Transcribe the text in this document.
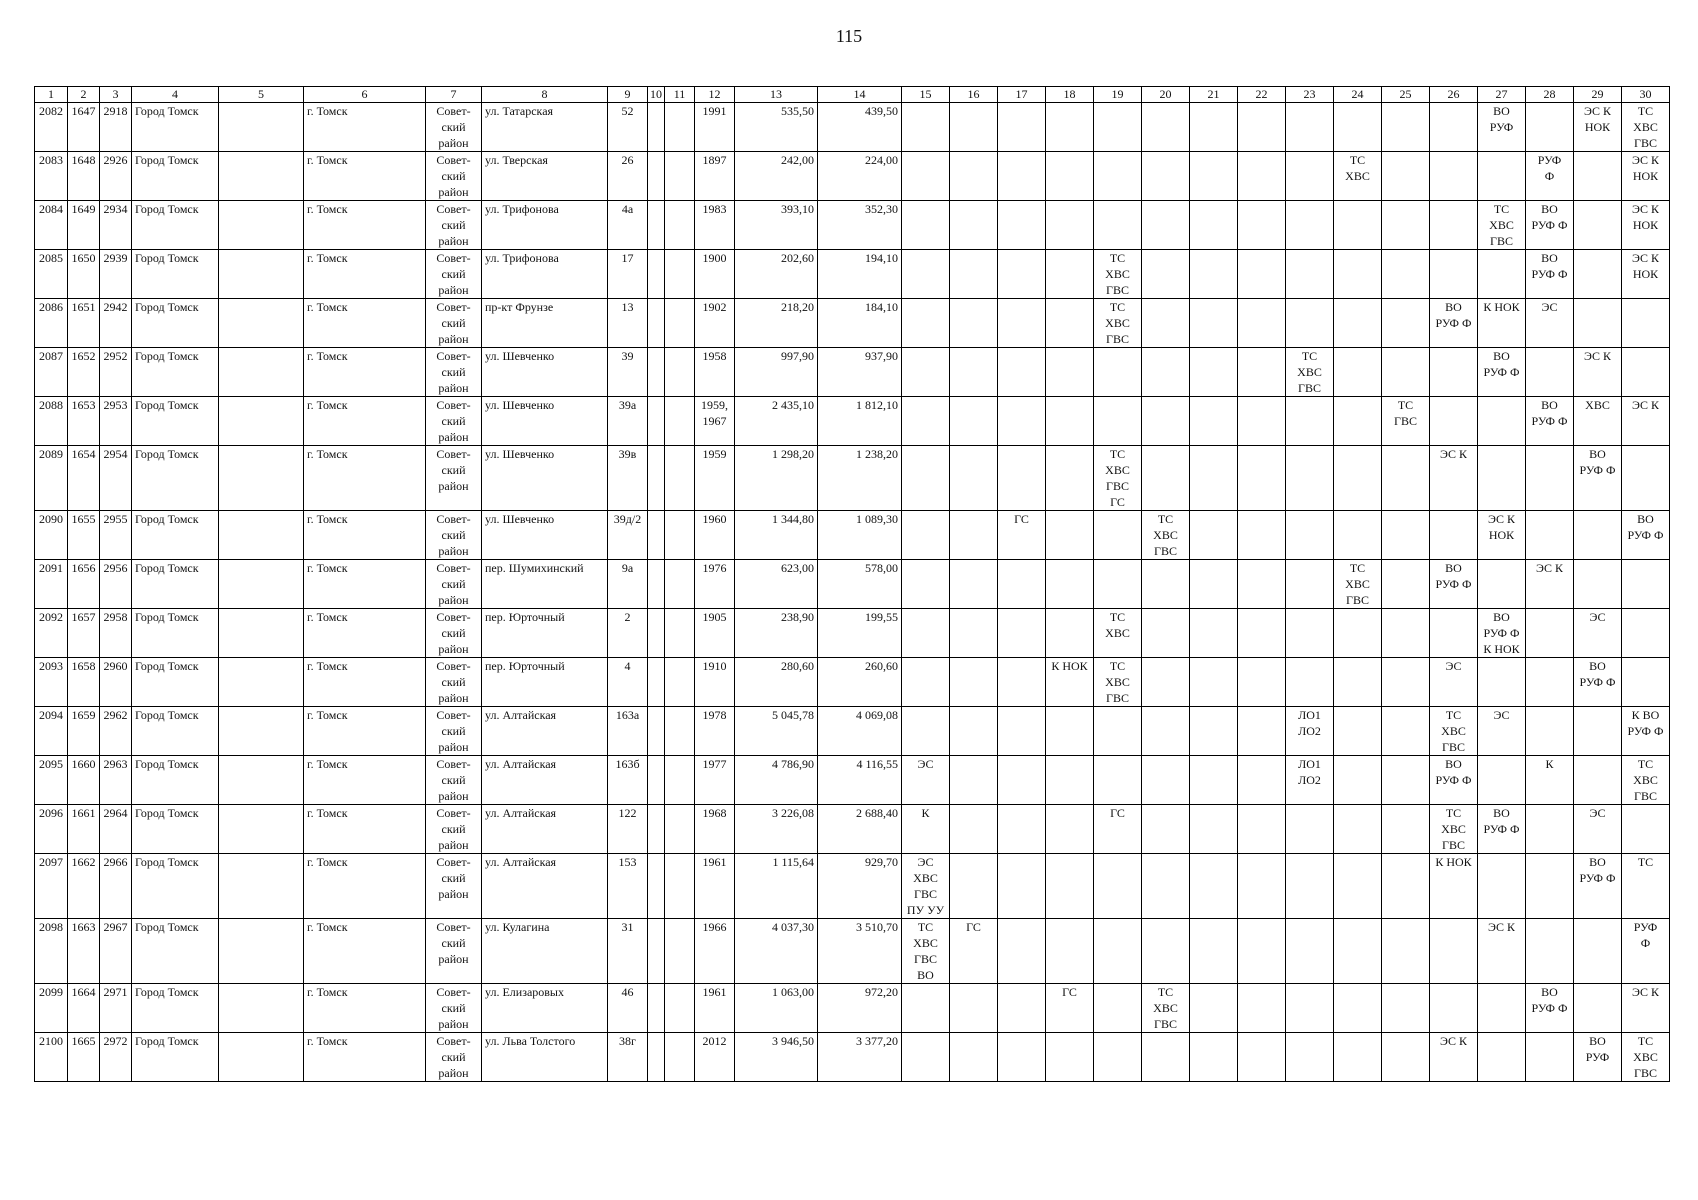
115
1	2	3	4	5	6	7	8	9	10	11	12	13	14	15	16	17	18	19	20	21	22	23	24	25	26	27	28	29	30
2082	1647	2918	Город Томск		г. Томск	Совет-
ский
район	ул. Татарская	52			1991	535,50	439,50													ВО
РУФ		ЭС К
НОК	ТС
ХВС
ГВС
2083	1648	2926	Город Томск		г. Томск	Совет-
ский
район	ул. Тверская	26			1897	242,00	224,00										ТС
ХВС				РУФ
Ф		ЭС К
НОК
2084	1649	2934	Город Томск		г. Томск	Совет-
ский
район	ул. Трифонова	4а			1983	393,10	352,30													ТС
ХВС
ГВС	ВО
РУФ Ф		ЭС К
НОК
2085	1650	2939	Город Томск		г. Томск	Совет-
ский
район	ул. Трифонова	17			1900	202,60	194,10					ТС
ХВС
ГВС									ВО
РУФ Ф		ЭС К
НОК
2086	1651	2942	Город Томск		г. Томск	Совет-
ский
район	пр-кт Фрунзе	13			1902	218,20	184,10					ТС
ХВС
ГВС							ВО
РУФ Ф	К НОК	ЭС		
2087	1652	2952	Город Томск		г. Томск	Совет-
ский
район	ул. Шевченко	39			1958	997,90	937,90									ТС
ХВС
ГВС				ВО
РУФ Ф		ЭС К	
2088	1653	2953	Город Томск		г. Томск	Совет-
ский
район	ул. Шевченко	39а			1959,
1967	2 435,10	1 812,10											ТС
ГВС			ВО
РУФ Ф	ХВС	ЭС К
2089	1654	2954	Город Томск		г. Томск	Совет-
ский
район	ул. Шевченко	39в			1959	1 298,20	1 238,20					ТС
ХВС
ГВС
ГС							ЭС К			ВО
РУФ Ф	
2090	1655	2955	Город Томск		г. Томск	Совет-
ский
район	ул. Шевченко	39д/2			1960	1 344,80	1 089,30			ГС			ТС
ХВС
ГВС							ЭС К
НОК			ВО
РУФ Ф
2091	1656	2956	Город Томск		г. Томск	Совет-
ский
район	пер. Шумихинский	9а			1976	623,00	578,00										ТС
ХВС
ГВС		ВО
РУФ Ф		ЭС К		
2092	1657	2958	Город Томск		г. Томск	Совет-
ский
район	пер. Юрточный	2			1905	238,90	199,55					ТС
ХВС								ВО
РУФ Ф
К НОК		ЭС	
2093	1658	2960	Город Томск		г. Томск	Совет-
ский
район	пер. Юрточный	4			1910	280,60	260,60				К НОК	ТС
ХВС
ГВС							ЭС			ВО
РУФ Ф	
2094	1659	2962	Город Томск		г. Томск	Совет-
ский
район	ул. Алтайская	163а			1978	5 045,78	4 069,08									ЛО1
ЛО2			ТС
ХВС
ГВС	ЭС			К ВО
РУФ Ф
2095	1660	2963	Город Томск		г. Томск	Совет-
ский
район	ул. Алтайская	163б			1977	4 786,90	4 116,55	ЭС								ЛО1
ЛО2			ВО
РУФ Ф		К		ТС
ХВС
ГВС
2096	1661	2964	Город Томск		г. Томск	Совет-
ский
район	ул. Алтайская	122			1968	3 226,08	2 688,40	К				ГС							ТС
ХВС
ГВС	ВО
РУФ Ф		ЭС	
2097	1662	2966	Город Томск		г. Томск	Совет-
ский
район	ул. Алтайская	153			1961	1 115,64	929,70	ЭС
ХВС
ГВС
ПУ УУ											К НОК			ВО
РУФ Ф	ТС
2098	1663	2967	Город Томск		г. Томск	Совет-
ский
район	ул. Кулагина	31			1966	4 037,30	3 510,70	ТС
ХВС
ГВС
ВО	ГС											ЭС К			РУФ
Ф
2099	1664	2971	Город Томск		г. Томск	Совет-
ский
район	ул. Елизаровых	46			1961	1 063,00	972,20				ГС		ТС
ХВС
ГВС								ВО
РУФ Ф		ЭС К
2100	1665	2972	Город Томск		г. Томск	Совет-
ский
район	ул. Льва Толстого	38г			2012	3 946,50	3 377,20												ЭС К			ВО
РУФ	ТС
ХВС
ГВС
